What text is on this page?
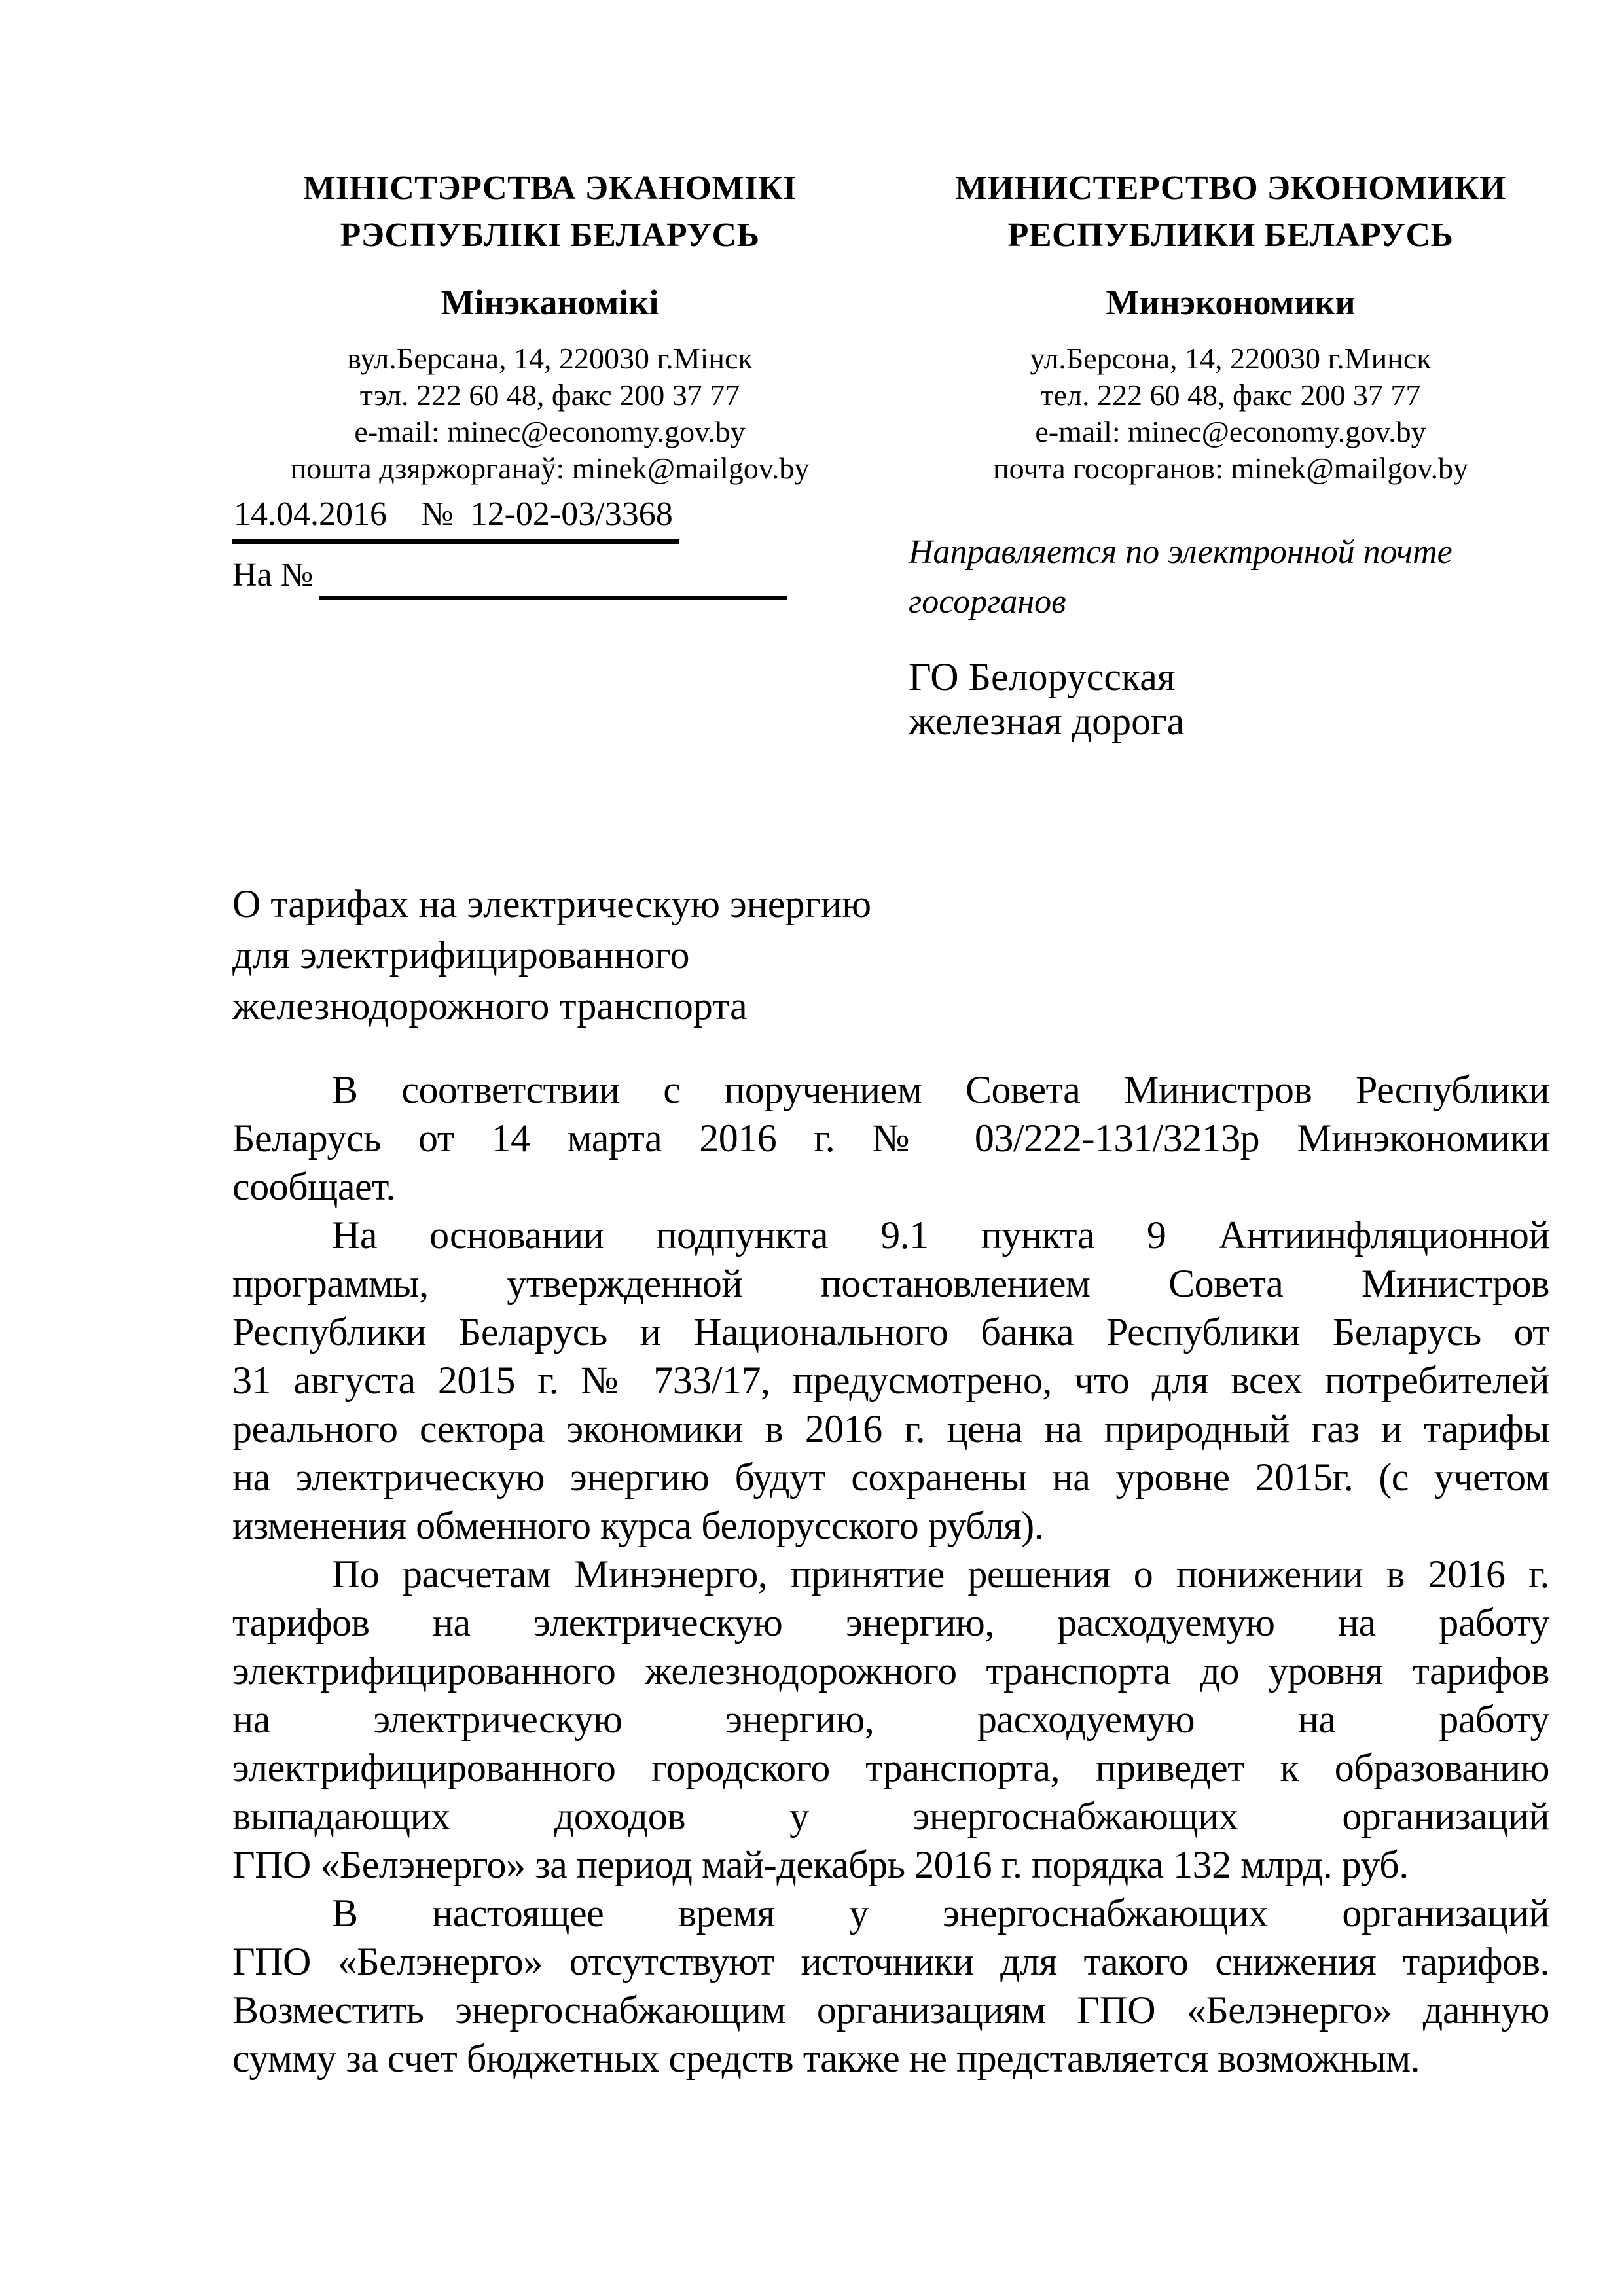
МІНІСТЭРСТВА ЭКАНОМІКІ
РЭСПУБЛІКІ БЕЛАРУСЬ
Мінэканомікі
вул.Берсана, 14, 220030 г.Мінск
тэл. 222 60 48, факс 200 37 77
e-mail: minec@economy.gov.by
пошта дзяржорганаў: minek@mailgov.by
МИНИСТЕРСТВО ЭКОНОМИКИ
РЕСПУБЛИКИ БЕЛАРУСЬ
Минэкономики
ул.Берсона, 14, 220030 г.Минск
тел. 222 60 48, факс 200 37 77
e-mail: minec@economy.gov.by
почта госорганов: minek@mailgov.by
14.04.2016    №  12-02-03/3368
На №
Направляется по электронной почте
госорганов
ГО Белорусская
железная дорога
О тарифах на электрическую энергию
для электрифицированного
железнодорожного транспорта
В соответствии с поручением Совета Министров Республики
Беларусь от 14 марта 2016 г. № 03/222-131/3213р Минэкономики
сообщает.
На основании подпункта 9.1 пункта 9 Антиинфляционной
программы, утвержденной постановлением Совета Министров
Республики Беларусь и Национального банка Республики Беларусь от
31 августа 2015 г. № 733/17, предусмотрено, что для всех потребителей
реального сектора экономики в 2016 г. цена на природный газ и тарифы
на электрическую энергию будут сохранены на уровне 2015г. (с учетом
изменения обменного курса белорусского рубля).
По расчетам Минэнерго, принятие решения о понижении в 2016 г.
тарифов на электрическую энергию, расходуемую на работу
электрифицированного железнодорожного транспорта до уровня тарифов
на электрическую энергию, расходуемую на работу
электрифицированного городского транспорта, приведет к образованию
выпадающих доходов у энергоснабжающих организаций
ГПО «Белэнерго» за период май-декабрь 2016 г. порядка 132 млрд. руб.
В настоящее время у энергоснабжающих организаций
ГПО «Белэнерго» отсутствуют источники для такого снижения тарифов.
Возместить энергоснабжающим организациям ГПО «Белэнерго» данную
сумму за счет бюджетных средств также не представляется возможным.
